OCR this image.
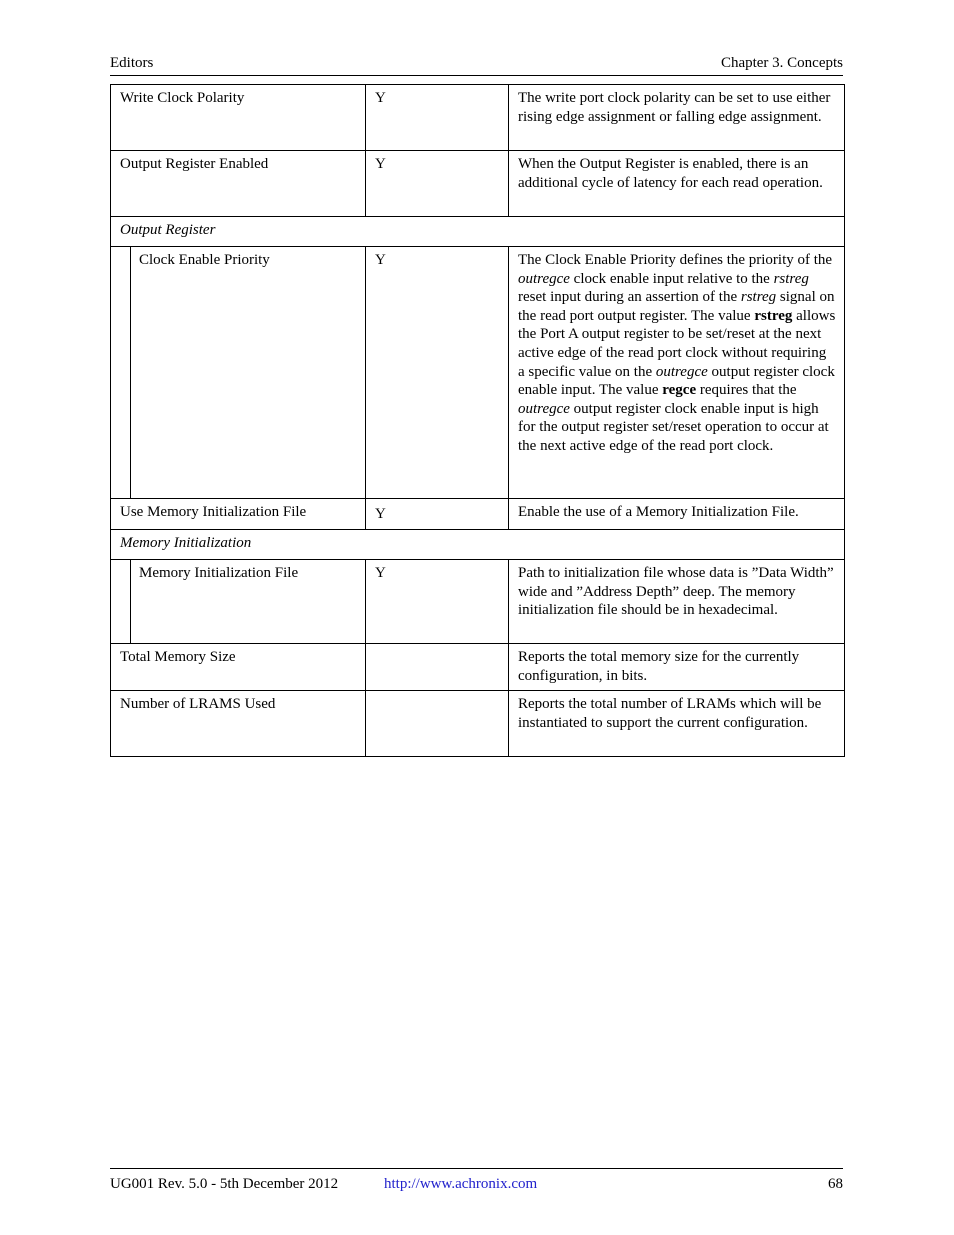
Editors	Chapter 3. Concepts
Write Clock Polarity	Y	The write port clock polarity can be set to use either rising edge assignment or falling edge assignment.
Output Register Enabled	Y	When the Output Register is enabled, there is an additional cycle of latency for each read operation.
Output Register		

Clock Enable Priority	Y	The Clock Enable Priority defines the priority of the outregce clock enable input relative to the rstreg reset input during an assertion of the rstreg signal on the read port output register. The value rstreg allows the Port A output register to be set/reset at the next active edge of the read port clock without requiring a specific value on the outregce output register clock enable input. The value regce requires that the outregce output register clock enable input is high for the output register set/reset operation to occur at the next active edge of the read port clock.
Use Memory Initialization File	Y	Enable the use of a Memory Initialization File.
Memory Initialization		

Memory Initialization File	Y	Path to initialization file whose data is ”Data Width” wide and ”Address Depth” deep. The memory initialization file should be in hexadecimal.
Total Memory Size		Reports the total memory size for the currently configuration, in bits.
Number of LRAMS Used		Reports the total number of LRAMs which will be instantiated to support the current configuration.
UG001 Rev. 5.0 - 5th December 2012	http://www.achronix.com	68
